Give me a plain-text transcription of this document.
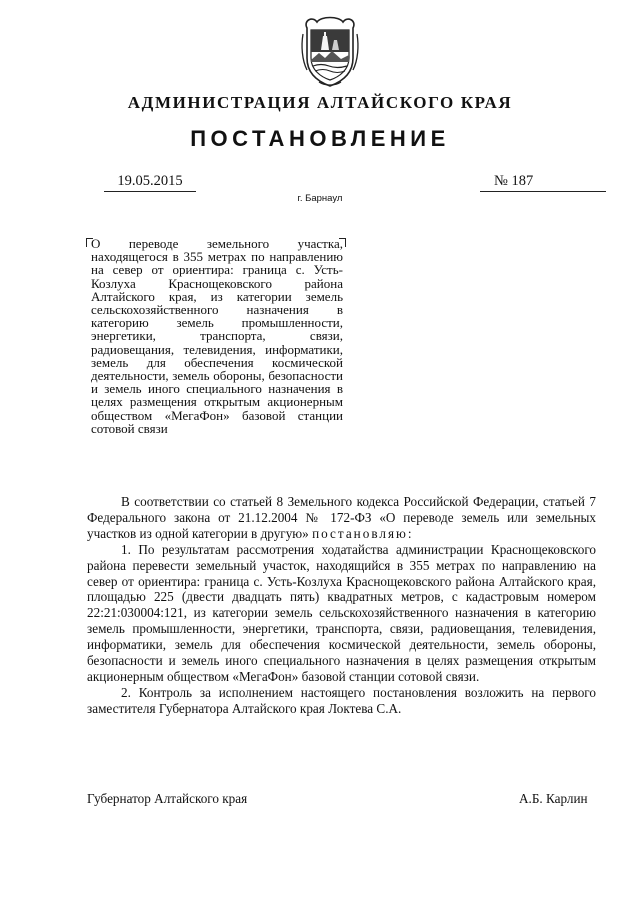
АДМИНИСТРАЦИЯ АЛТАЙСКОГО КРАЯ
ПОСТАНОВЛЕНИЕ
19.05.2015	№ 187
г. Барнаул

О переводе земельного участка, находящегося в 355 метрах по направлению на север от ориентира: граница с. Усть-Козлуха Краснощековского района Алтайского края, из категории земель сельскохозяйственного назначения в категорию земель промышленности, энергетики, транспорта, связи, радиовещания, телевидения, информатики, земель для обеспечения космической деятельности, земель обороны, безопасности и земель иного специального назначения в целях размещения открытым акционерным обществом «МегаФон» базовой станции сотовой связи

В соответствии со статьей 8 Земельного кодекса Российской Федерации, статьей 7 Федерального закона от 21.12.2004 № 172-ФЗ «О переводе земель или земельных участков из одной категории в другую» постановляю:

1. По результатам рассмотрения ходатайства администрации Краснощековского района перевести земельный участок, находящийся в 355 метрах по направлению на север от ориентира: граница с. Усть-Козлуха Краснощековского района Алтайского края, площадью 225 (двести двадцать пять) квадратных метров, с кадастровым номером 22:21:030004:121, из категории земель сельскохозяйственного назначения в категорию земель промышленности, энергетики, транспорта, связи, радиовещания, телевидения, информатики, земель для обеспечения космической деятельности, земель обороны, безопасности и земель иного специального назначения в целях размещения открытым акционерным обществом «МегаФон» базовой станции сотовой связи.

2. Контроль за исполнением настоящего постановления возложить на первого заместителя Губернатора Алтайского края Локтева С.А.

Губернатор Алтайского края	А.Б. Карлин
